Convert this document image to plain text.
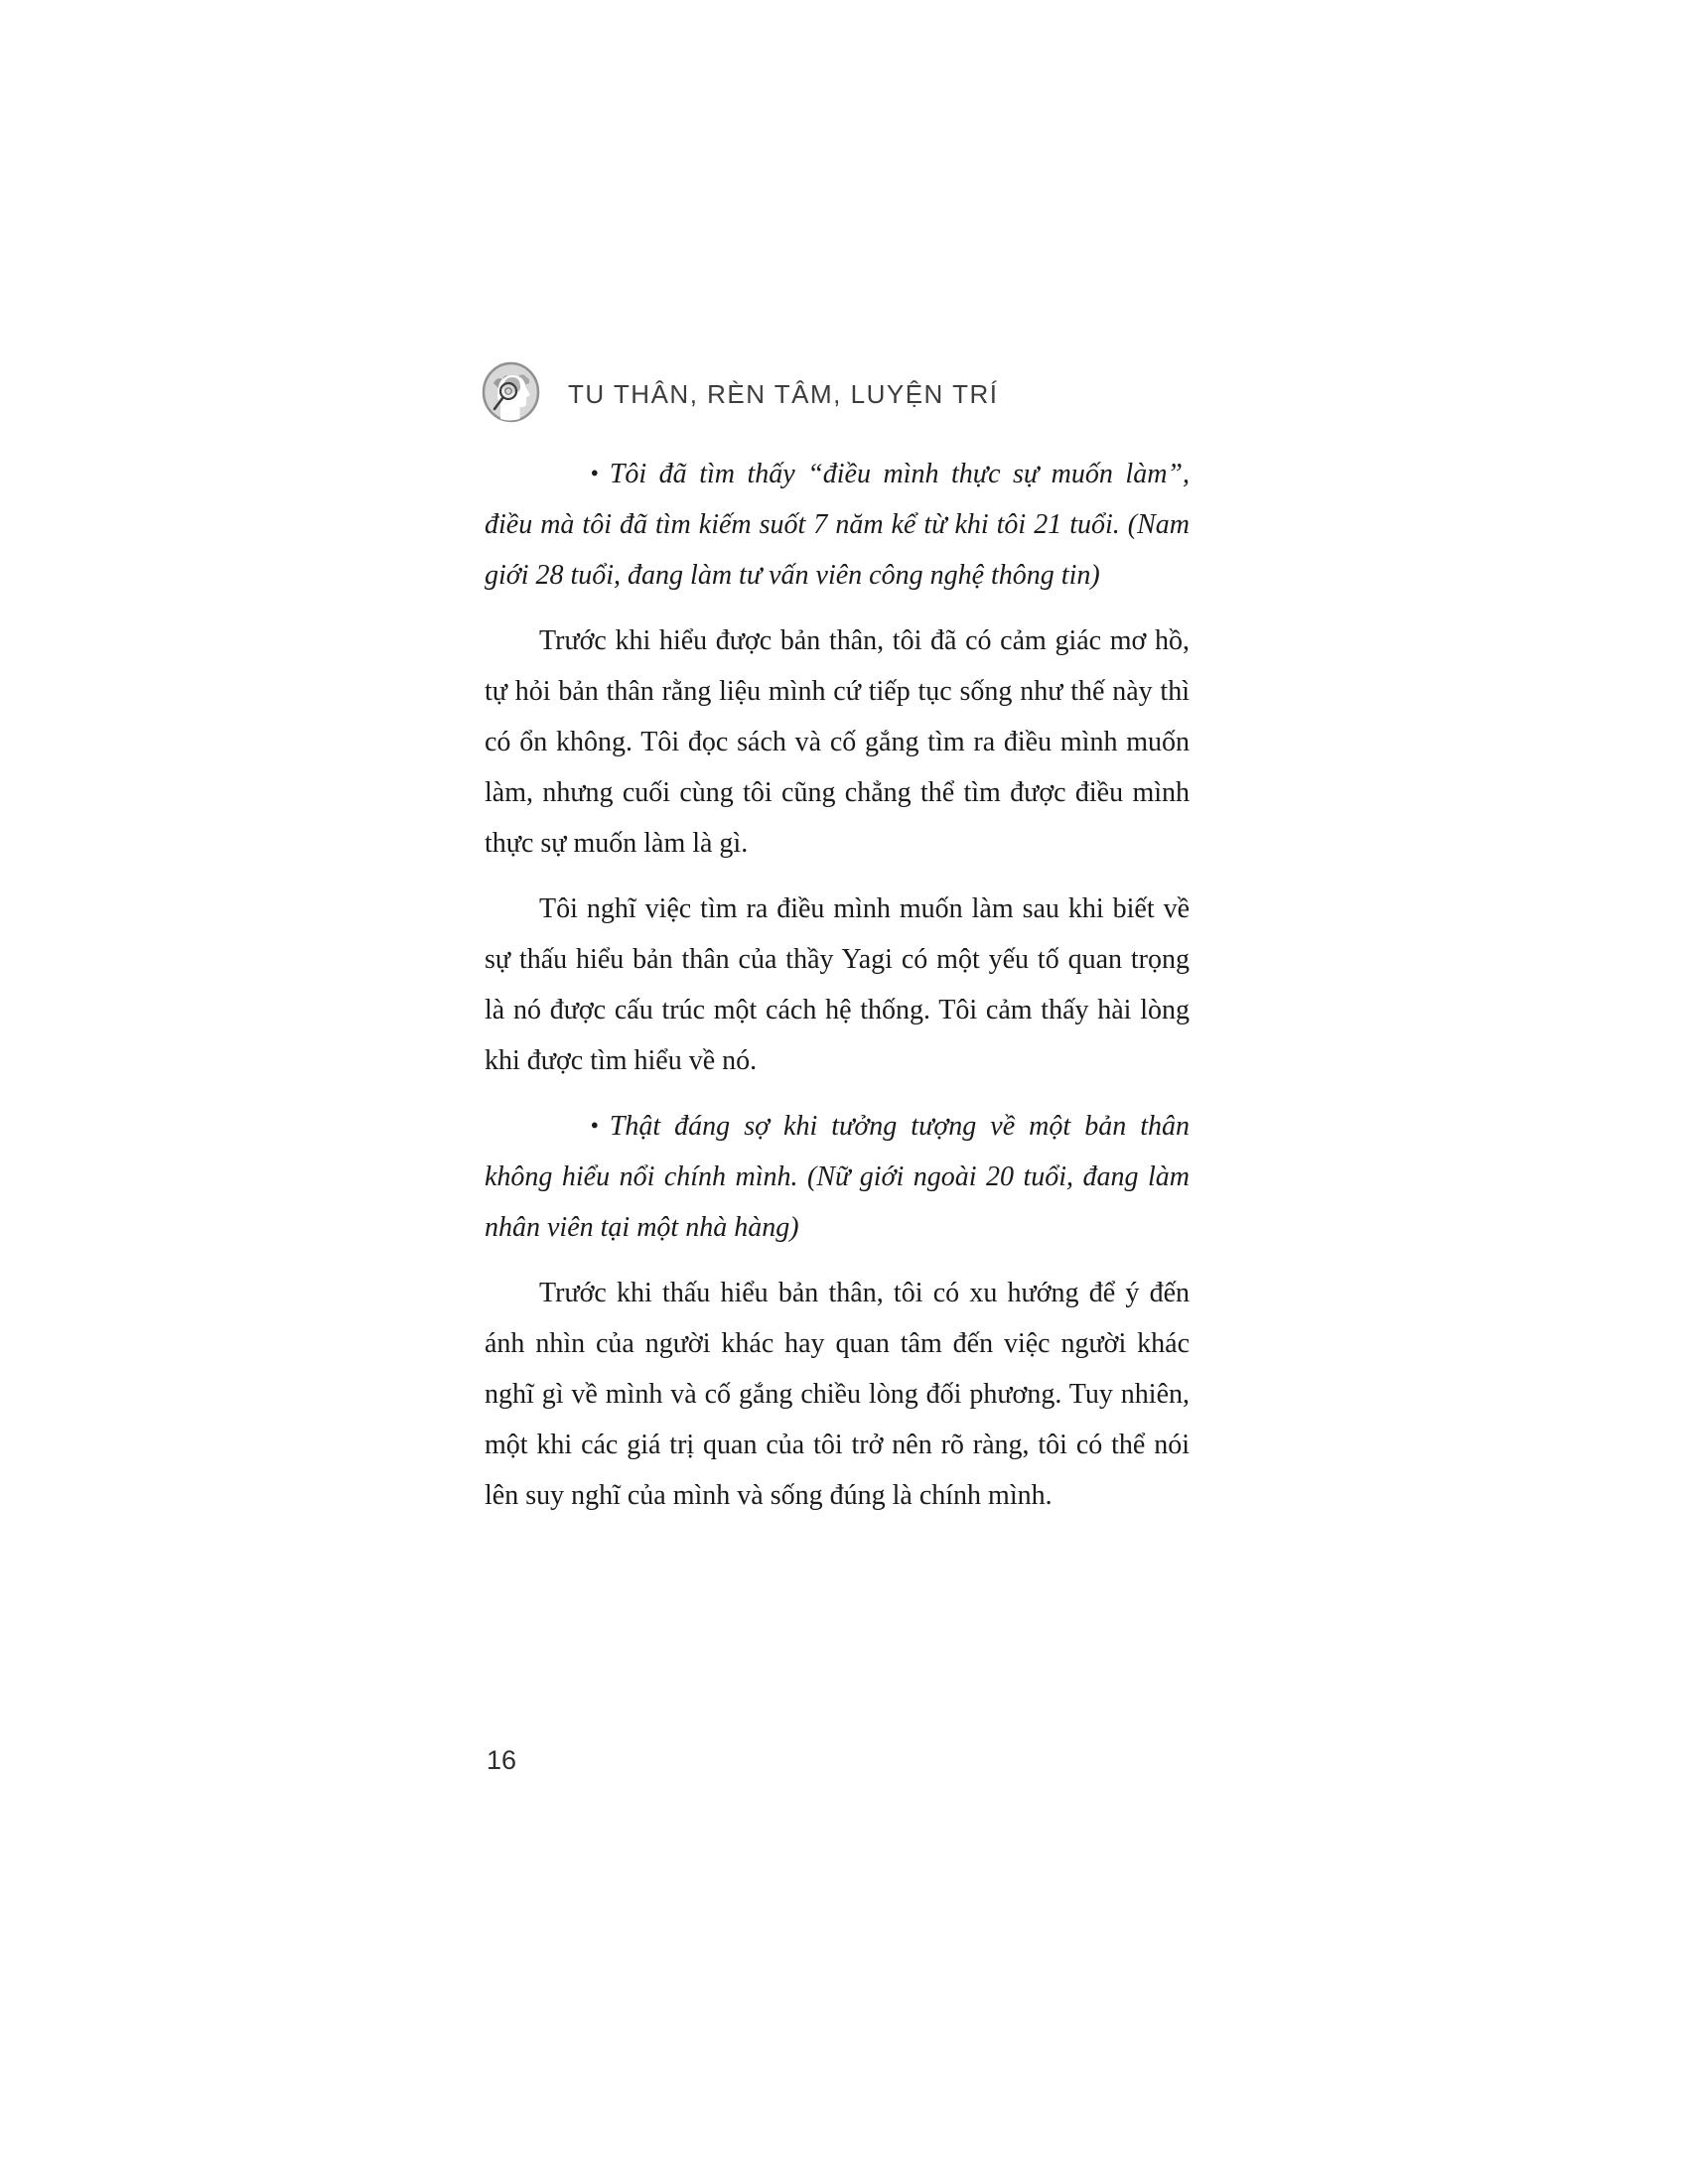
TU THÂN, RÈN TÂM, LUYỆN TRÍ

• Tôi đã tìm thấy “điều mình thực sự muốn làm”, điều mà tôi đã tìm kiếm suốt 7 năm kể từ khi tôi 21 tuổi. (Nam giới 28 tuổi, đang làm tư vấn viên công nghệ thông tin)

Trước khi hiểu được bản thân, tôi đã có cảm giác mơ hồ, tự hỏi bản thân rằng liệu mình cứ tiếp tục sống như thế này thì có ổn không. Tôi đọc sách và cố gắng tìm ra điều mình muốn làm, nhưng cuối cùng tôi cũng chẳng thể tìm được điều mình thực sự muốn làm là gì.

Tôi nghĩ việc tìm ra điều mình muốn làm sau khi biết về sự thấu hiểu bản thân của thầy Yagi có một yếu tố quan trọng là nó được cấu trúc một cách hệ thống. Tôi cảm thấy hài lòng khi được tìm hiểu về nó.

• Thật đáng sợ khi tưởng tượng về một bản thân không hiểu nổi chính mình. (Nữ giới ngoài 20 tuổi, đang làm nhân viên tại một nhà hàng)

Trước khi thấu hiểu bản thân, tôi có xu hướng để ý đến ánh nhìn của người khác hay quan tâm đến việc người khác nghĩ gì về mình và cố gắng chiều lòng đối phương. Tuy nhiên, một khi các giá trị quan của tôi trở nên rõ ràng, tôi có thể nói lên suy nghĩ của mình và sống đúng là chính mình.

16
